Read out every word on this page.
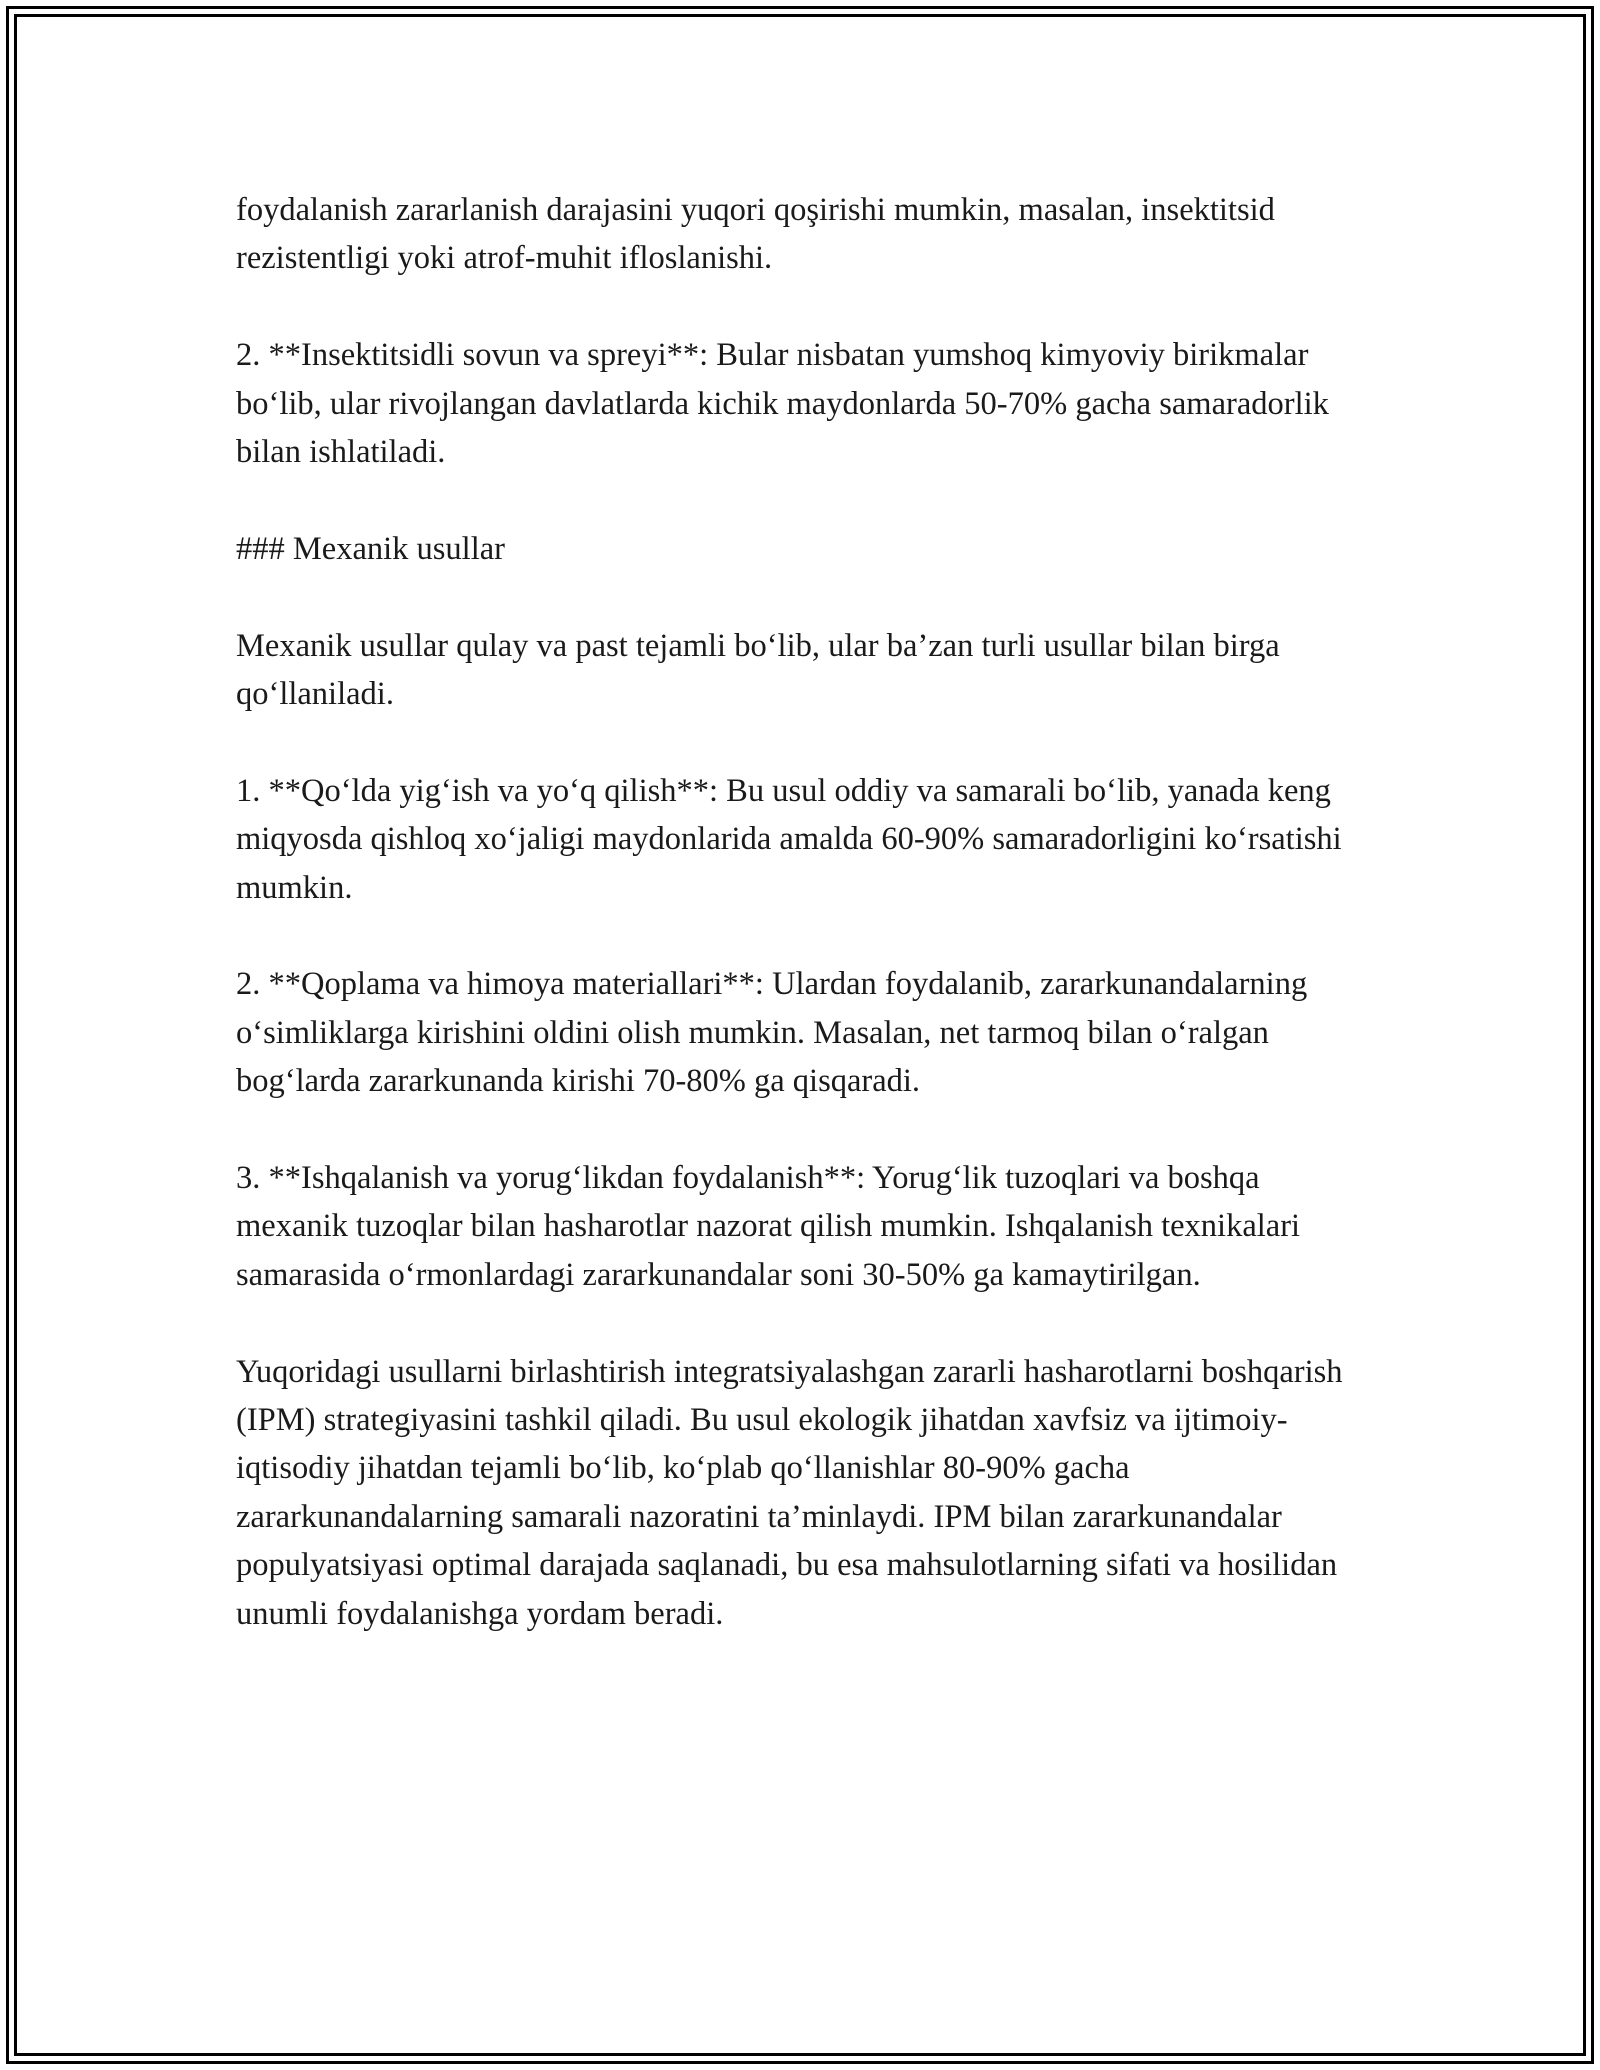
foydalanish zararlanish darajasini yuqori qoşirishi mumkin, masalan, insektitsid rezistentligi yoki atrof-muhit ifloslanishi.

2. **Insektitsidli sovun va spreyi**: Bular nisbatan yumshoq kimyoviy birikmalar bo‘lib, ular rivojlangan davlatlarda kichik maydonlarda 50-70% gacha samaradorlik bilan ishlatiladi.

### Mexanik usullar

Mexanik usullar qulay va past tejamli bo‘lib, ular ba’zan turli usullar bilan birga qo‘llaniladi.

1. **Qo‘lda yig‘ish va yo‘q qilish**: Bu usul oddiy va samarali bo‘lib, yanada keng miqyosda qishloq xo‘jaligi maydonlarida amalda 60-90% samaradorligini ko‘rsatishi mumkin.

2. **Qoplama va himoya materiallari**: Ulardan foydalanib, zararkunandalarning o‘simliklarga kirishini oldini olish mumkin. Masalan, net tarmoq bilan o‘ralgan bog‘larda zararkunanda kirishi 70-80% ga qisqaradi.

3. **Ishqalanish va yorug‘likdan foydalanish**: Yorug‘lik tuzoqlari va boshqa mexanik tuzoqlar bilan hasharotlar nazorat qilish mumkin. Ishqalanish texnikalari samarasida o‘rmonlardagi zararkunandalar soni 30-50% ga kamaytirilgan.

Yuqoridagi usullarni birlashtirish integratsiyalashgan zararli hasharotlarni boshqarish (IPM) strategiyasini tashkil qiladi. Bu usul ekologik jihatdan xavfsiz va ijtimoiy-iqtisodiy jihatdan tejamli bo‘lib, ko‘plab qo‘llanishlar 80-90% gacha zararkunandalarning samarali nazoratini ta’minlaydi. IPM bilan zararkunandalar populyatsiyasi optimal darajada saqlanadi, bu esa mahsulotlarning sifati va hosilidan unumli foydalanishga yordam beradi.
